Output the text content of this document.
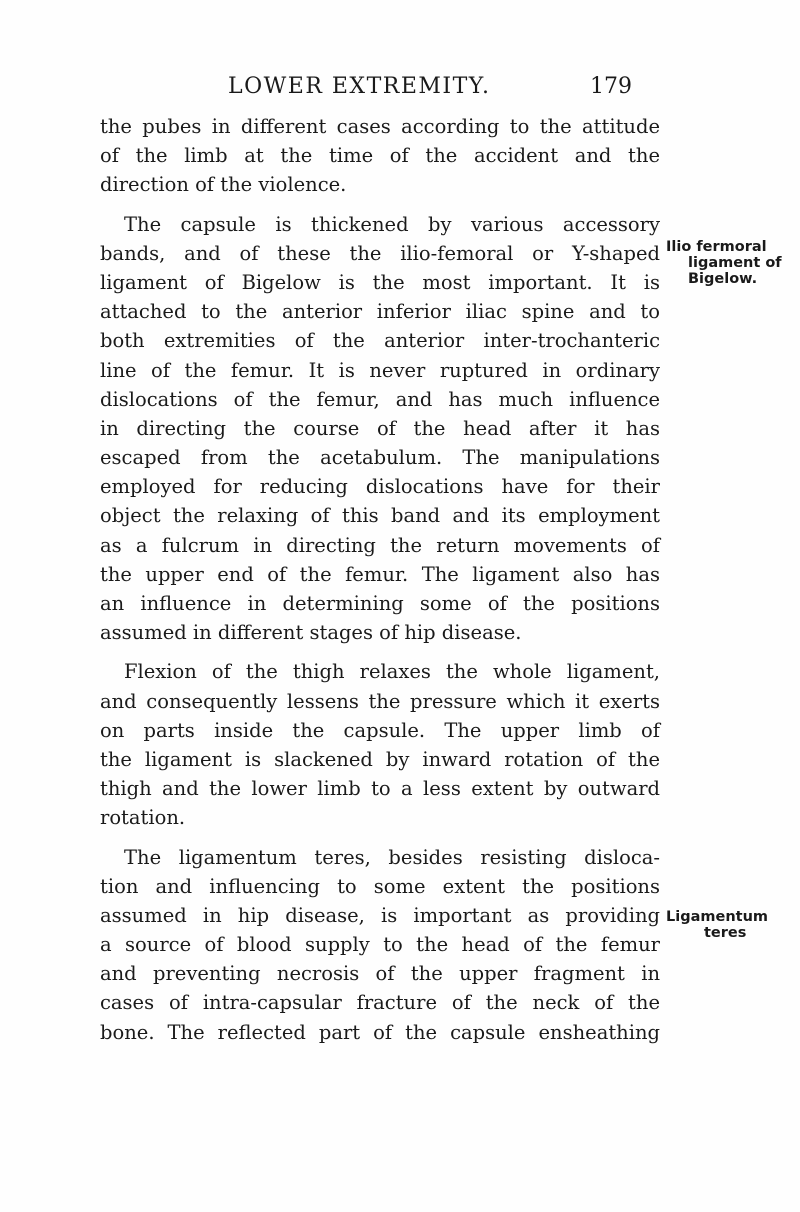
LOWER EXTREMITY.	179
the pubes in different cases according to the attitude
of the limb at the time of the accident and the
direction of the violence.
The capsule is thickened by various accessory
bands, and of these the ilio-femoral or Y-shaped
ligament of Bigelow is the most important. It is
attached to the anterior inferior iliac spine and to
both extremities of the anterior inter-trochanteric
line of the femur. It is never ruptured in ordinary
dislocations of the femur, and has much influence
in directing the course of the head after it has
escaped from the acetabulum. The manipulations
employed for reducing dislocations have for their
object the relaxing of this band and its employment
as a fulcrum in directing the return movements of
the upper end of the femur. The ligament also has
an influence in determining some of the positions
assumed in different stages of hip disease.
Flexion of the thigh relaxes the whole ligament,
and consequently lessens the pressure which it exerts
on parts inside the capsule. The upper limb of
the ligament is slackened by inward rotation of the
thigh and the lower limb to a less extent by outward
rotation.
The ligamentum teres, besides resisting disloca-
tion and influencing to some extent the positions
assumed in hip disease, is important as providing
a source of blood supply to the head of the femur
and preventing necrosis of the upper fragment in
cases of intra-capsular fracture of the neck of the
bone. The reflected part of the capsule ensheathing
Ilio fermoral
ligament of
Bigelow.
Ligamentum
teres
